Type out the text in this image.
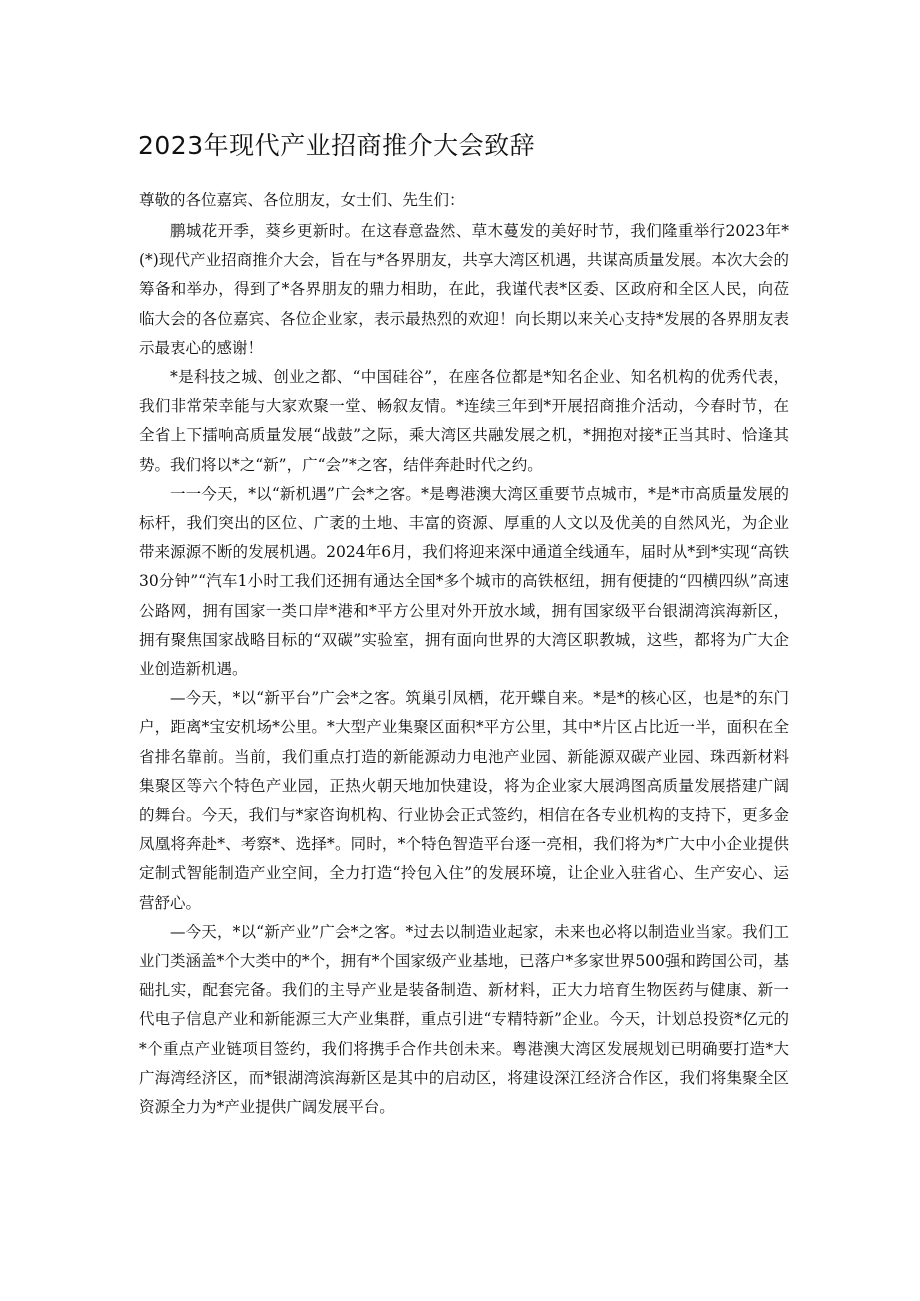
2023年现代产业招商推介大会致辞

尊敬的各位嘉宾、各位朋友，女士们、先生们：

鹏城花开季，葵乡更新时。在这春意盎然、草木蔓发的美好时节，我们隆重举行2023年*(*)现代产业招商推介大会，旨在与*各界朋友，共享大湾区机遇，共谋高质量发展。本次大会的筹备和举办，得到了*各界朋友的鼎力相助，在此，我谨代表*区委、区政府和全区人民，向莅临大会的各位嘉宾、各位企业家，表示最热烈的欢迎！向长期以来关心支持*发展的各界朋友表示最衷心的感谢！

*是科技之城、创业之都、“中国硅谷”，在座各位都是*知名企业、知名机构的优秀代表，我们非常荣幸能与大家欢聚一堂、畅叙友情。*连续三年到*开展招商推介活动，今春时节，在全省上下擂响高质量发展“战鼓”之际，乘大湾区共融发展之机，*拥抱对接*正当其时、恰逢其势。我们将以*之“新”，广“会”*之客，结伴奔赴时代之约。

一一今天，*以“新机遇”广会*之客。*是粤港澳大湾区重要节点城市，*是*市高质量发展的标杆，我们突出的区位、广袤的土地、丰富的资源、厚重的人文以及优美的自然风光，为企业带来源源不断的发展机遇。2024年6月，我们将迎来深中通道全线通车，届时从*到*实现“高铁30分钟”“汽车1小时工我们还拥有通达全国*多个城市的高铁枢纽，拥有便捷的“四横四纵”高速公路网，拥有国家一类口岸*港和*平方公里对外开放水域，拥有国家级平台银湖湾滨海新区，拥有聚焦国家战略目标的“双碳”实验室，拥有面向世界的大湾区职教城，这些，都将为广大企业创造新机遇。

—今天，*以“新平台”广会*之客。筑巢引凤栖，花开蝶自来。*是*的核心区，也是*的东门户，距离*宝安机场*公里。*大型产业集聚区面积*平方公里，其中*片区占比近一半，面积在全省排名靠前。当前，我们重点打造的新能源动力电池产业园、新能源双碳产业园、珠西新材料集聚区等六个特色产业园，正热火朝天地加快建设，将为企业家大展鸿图高质量发展搭建广阔的舞台。今天，我们与*家咨询机构、行业协会正式签约，相信在各专业机构的支持下，更多金凤凰将奔赴*、考察*、选择*。同时，*个特色智造平台逐一亮相，我们将为*广大中小企业提供定制式智能制造产业空间，全力打造“拎包入住”的发展环境，让企业入驻省心、生产安心、运营舒心。

—今天，*以“新产业”广会*之客。*过去以制造业起家，未来也必将以制造业当家。我们工业门类涵盖*个大类中的*个，拥有*个国家级产业基地，已落户*多家世界500强和跨国公司，基础扎实，配套完备。我们的主导产业是装备制造、新材料，正大力培育生物医药与健康、新一代电子信息产业和新能源三大产业集群，重点引进“专精特新”企业。今天，计划总投资*亿元的*个重点产业链项目签约，我们将携手合作共创未来。粤港澳大湾区发展规划已明确要打造*大广海湾经济区，而*银湖湾滨海新区是其中的启动区，将建设深江经济合作区，我们将集聚全区资源全力为*产业提供广阔发展平台。
